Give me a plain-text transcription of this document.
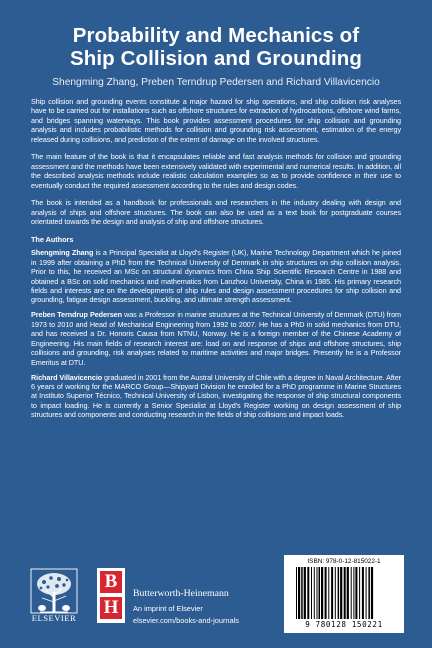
Probability and Mechanics of
Ship Collision and Grounding
Shengming Zhang, Preben Terndrup Pedersen and Richard Villavicencio

Ship collision and grounding events constitute a major hazard for ship operations, and ship collision risk analyses have to be carried out for installations such as offshore structures for extraction of hydrocarbons, offshore wind farms, and bridges spanning waterways. This book provides assessment procedures for ship collision and grounding analysis and includes probabilistic methods for collision and grounding risk assessment, estimation of the energy released during collisions, and prediction of the extent of damage on the involved structures.

The main feature of the book is that it encapsulates reliable and fast analysis methods for collision and grounding assessment and the methods have been extensively validated with experimental and numerical results. In addition, all the described analysis methods include realistic calculation examples so as to provide confidence in their use to eventually conduct the required assessment according to the rules and design codes.

The book is intended as a handbook for professionals and researchers in the industry dealing with design and analysis of ships and offshore structures. The book can also be used as a text book for postgraduate courses orientated towards the design and analysis of ship and offshore structures.

The Authors

Shengming Zhang is a Principal Specialist at Lloyd’s Register (UK), Marine Technology Department which he joined in 1999 after obtaining a PhD from the Technical University of Denmark in ship structures on ship collision analysis. Prior to this, he received an MSc on structural dynamics from China Ship Scientific Research Centre in 1988 and obtained a BSc on solid mechanics and mathematics from Lanzhou University, China in 1985. His primary research fields and interests are on the developments of ship rules and design assessment procedures for ship collision and grounding, fatigue design assessment, buckling, and ultimate strength assessment.

Preben Terndrup Pedersen was a Professor in marine structures at the Technical University of Denmark (DTU) from 1973 to 2010 and Head of Mechanical Engineering from 1992 to 2007. He has a PhD in solid mechanics from DTU, and has received a Dr. Honoris Causa from NTNU, Norway. He is a foreign member of the Chinese Academy of Engineering. His main fields of research interest are: load on and response of ships and offshore structures, ship collisions and grounding, risk analyses related to maritime activities and major bridges. Presently he is a Professor Emeritus at DTU.

Richard Villavicencio graduated in 2001 from the Austral University of Chile with a degree in Naval Architecture. After 6 years of working for the MARCO Group—Shipyard Division he enrolled for a PhD programme in Marine Structures at Instituto Superior Técnico, Technical University of Lisbon, investigating the response of ship structural components to impact loading. He is currently a Senior Specialist at Lloyd’s Register working on design assessment of ship structures and components and conducting research in the fields of ship collisions and impact loads.

ELSEVIER
B
H
Butterworth-Heinemann
An imprint of Elsevier
elsevier.com/books-and-journals
ISBN: 978-0-12-815022-1
9 780128 150221
